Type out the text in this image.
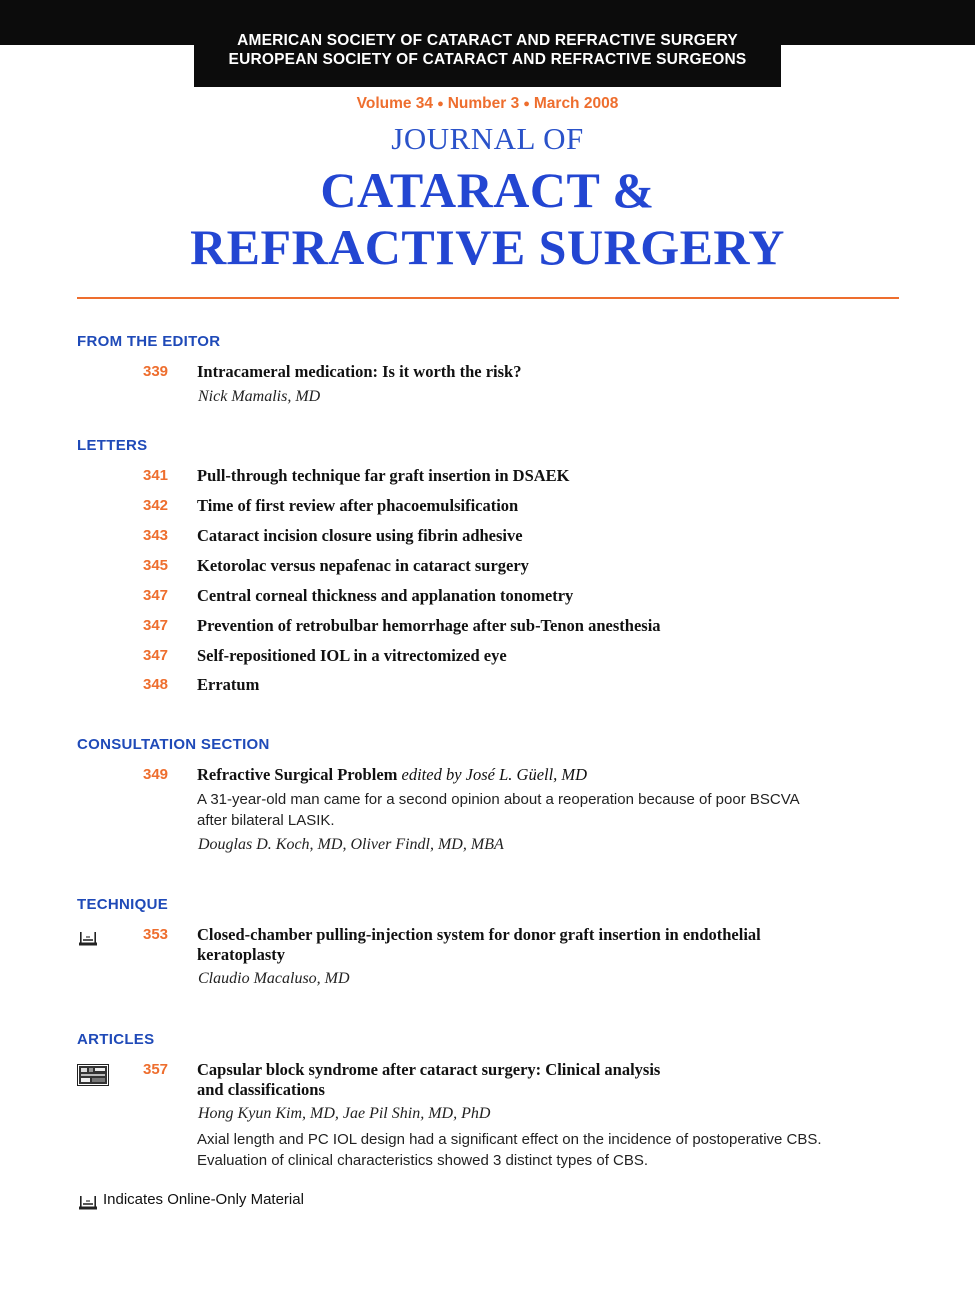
AMERICAN SOCIETY OF CATARACT AND REFRACTIVE SURGERY
EUROPEAN SOCIETY OF CATARACT AND REFRACTIVE SURGEONS
Volume 34 ● Number 3 ● March 2008
JOURNAL OF
CATARACT &
REFRACTIVE SURGERY
FROM THE EDITOR
339 Intracameral medication: Is it worth the risk?
Nick Mamalis, MD
LETTERS
341 Pull-through technique far graft insertion in DSAEK
342 Time of first review after phacoemulsification
343 Cataract incision closure using fibrin adhesive
345 Ketorolac versus nepafenac in cataract surgery
347 Central corneal thickness and applanation tonometry
347 Prevention of retrobulbar hemorrhage after sub-Tenon anesthesia
347 Self-repositioned IOL in a vitrectomized eye
348 Erratum
CONSULTATION SECTION
349 Refractive Surgical Problem edited by José L. Güell, MD
A 31-year-old man came for a second opinion about a reoperation because of poor BSCVA
after bilateral LASIK.
Douglas D. Koch, MD, Oliver Findl, MD, MBA
TECHNIQUE
353 Closed-chamber pulling-injection system for donor graft insertion in endothelial
keratoplasty
Claudio Macaluso, MD
ARTICLES
357 Capsular block syndrome after cataract surgery: Clinical analysis
and classifications
Hong Kyun Kim, MD, Jae Pil Shin, MD, PhD
Axial length and PC IOL design had a significant effect on the incidence of postoperative CBS.
Evaluation of clinical characteristics showed 3 distinct types of CBS.
Indicates Online-Only Material
